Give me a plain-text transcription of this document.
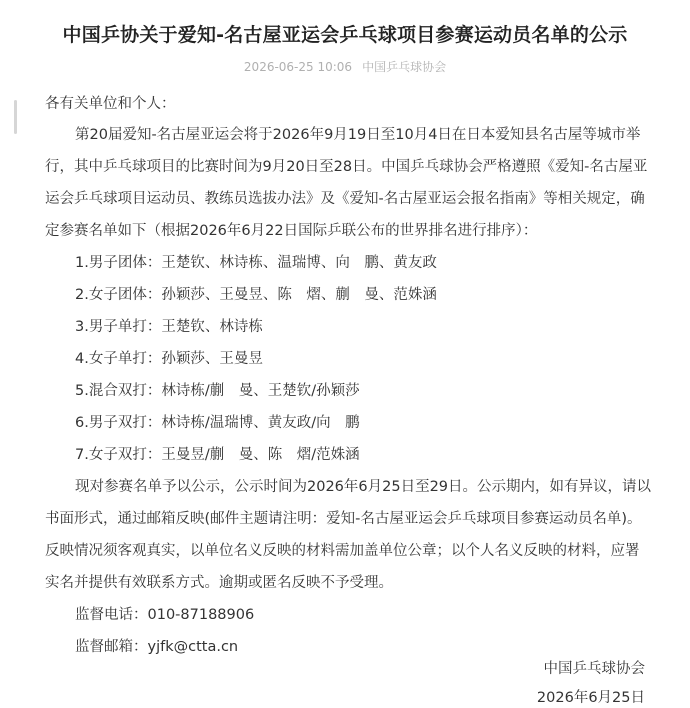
中国乒协关于爱知-名古屋亚运会乒乓球项目参赛运动员名单的公示
2026-06-25 10:06 中国乒乓球协会
各有关单位和个人：
第20届爱知-名古屋亚运会将于2026年9月19日至10月4日在日本爱知县名古屋等城市举
行，其中乒乓球项目的比赛时间为9月20日至28日。中国乒乓球协会严格遵照《爱知-名古屋亚
运会乒乓球项目运动员、教练员选拔办法》及《爱知-名古屋亚运会报名指南》等相关规定，确
定参赛名单如下（根据2026年6月22日国际乒联公布的世界排名进行排序）：
1.男子团体：王楚钦、林诗栋、温瑞博、向　鹏、黄友政
2.女子团体：孙颖莎、王曼昱、陈　熠、蒯　曼、范姝涵
3.男子单打：王楚钦、林诗栋
4.女子单打：孙颖莎、王曼昱
5.混合双打：林诗栋/蒯　曼、王楚钦/孙颖莎
6.男子双打：林诗栋/温瑞博、黄友政/向　鹏
7.女子双打：王曼昱/蒯　曼、陈　熠/范姝涵
现对参赛名单予以公示，公示时间为2026年6月25日至29日。公示期内，如有异议，请以
书面形式，通过邮箱反映(邮件主题请注明：爱知-名古屋亚运会乒乓球项目参赛运动员名单)。
反映情况须客观真实，以单位名义反映的材料需加盖单位公章；以个人名义反映的材料，应署
实名并提供有效联系方式。逾期或匿名反映不予受理。
监督电话：010-87188906
监督邮箱：yjfk@ctta.cn
中国乒乓球协会
2026年6月25日
